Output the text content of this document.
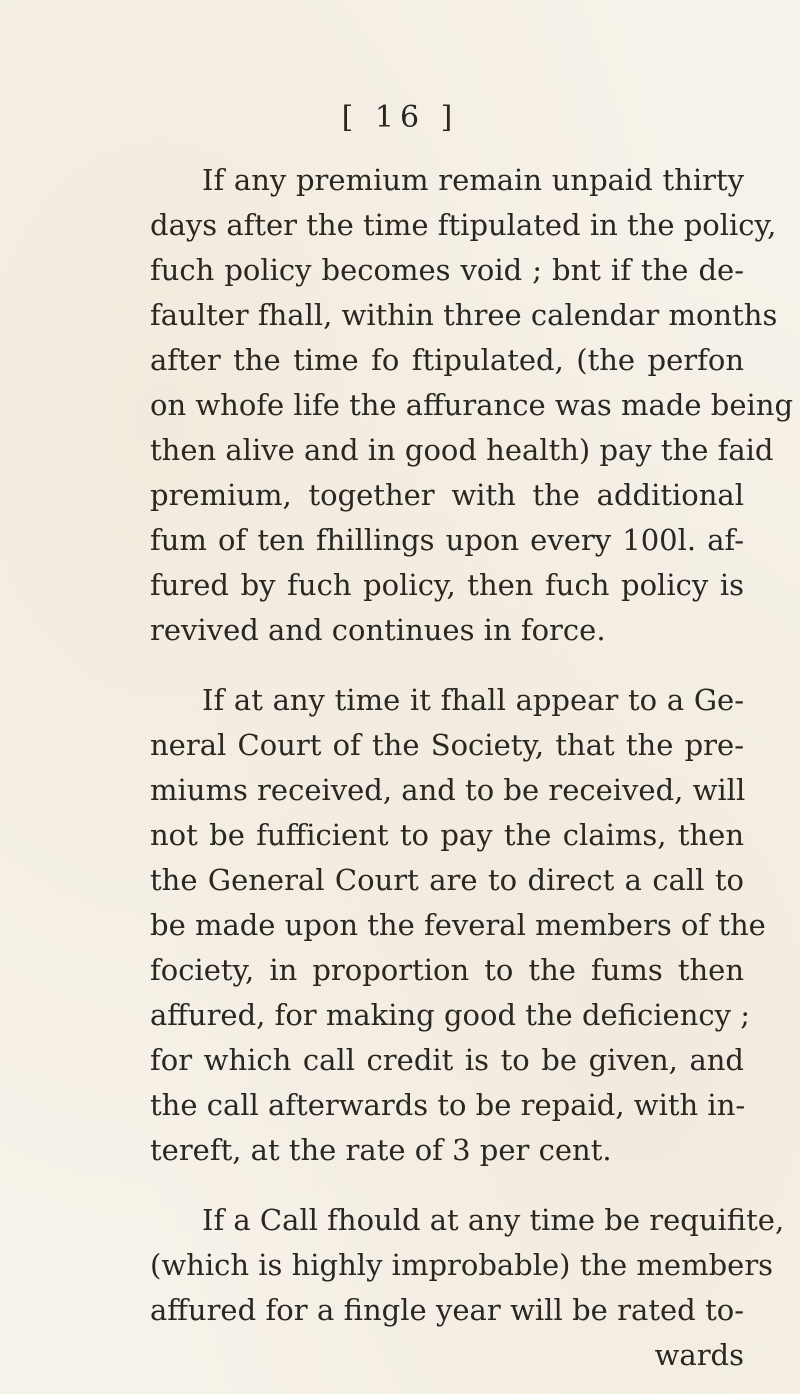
[ 16 ]
If any premium remain unpaid thirty
days after the time ftipulated in the policy,
fuch policy becomes void ; bnt if the de-
faulter fhall, within three calendar months
after the time fo ftipulated, (the perfon
on whofe life the affurance was made being
then alive and in good health) pay the faid
premium, together with the additional
fum of ten fhillings upon every 100l. af-
fured by fuch policy, then fuch policy is
revived and continues in force.
If at any time it fhall appear to a Ge-
neral Court of the Society, that the pre-
miums received, and to be received, will
not be fufficient to pay the claims, then
the General Court are to direct a call to
be made upon the feveral members of the
fociety, in proportion to the fums then
affured, for making good the deficiency ;
for which call credit is to be given, and
the call afterwards to be repaid, with in-
tereft, at the rate of 3 per cent.
If a Call fhould at any time be requifite,
(which is highly improbable) the members
affured for a fingle year will be rated to-
wards
